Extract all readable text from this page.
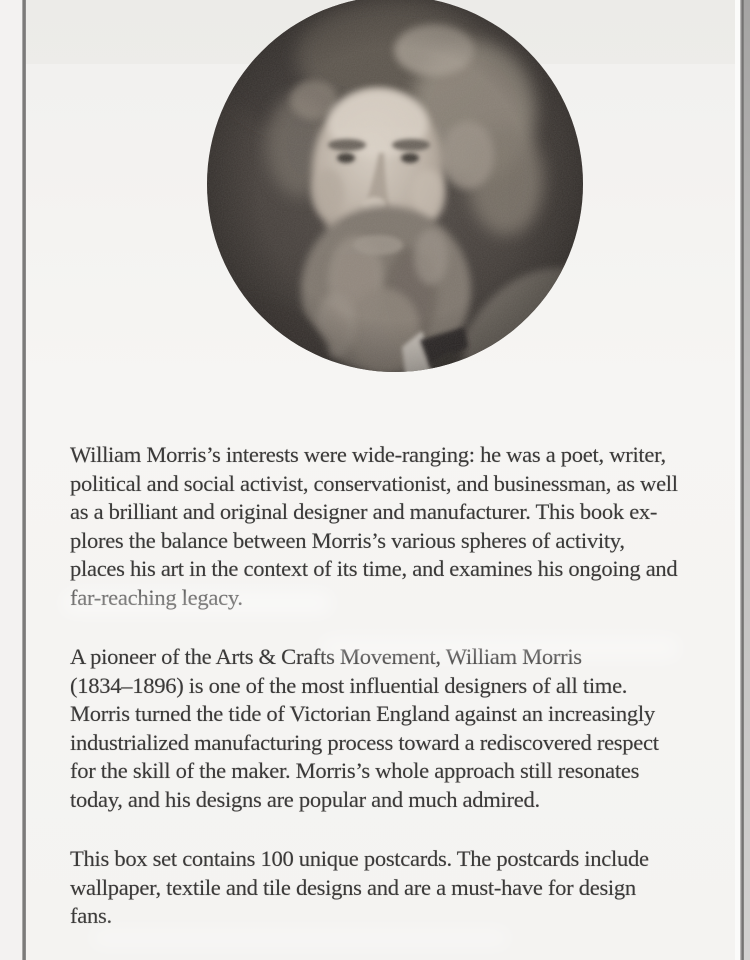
William Morris’s interests were wide-ranging: he was a poet, writer,
political and social activist, conservationist, and businessman, as well
as a brilliant and original designer and manufacturer. This book ex-
plores the balance between Morris’s various spheres of activity,
places his art in the context of its time, and examines his ongoing and
far-reaching legacy.
A pioneer of the Arts & Crafts Movement, William Morris
(1834–1896) is one of the most influential designers of all time.
Morris turned the tide of Victorian England against an increasingly
industrialized manufacturing process toward a rediscovered respect
for the skill of the maker. Morris’s whole approach still resonates
today, and his designs are popular and much admired.
This box set contains 100 unique postcards. The postcards include
wallpaper, textile and tile designs and are a must-have for design
fans.
